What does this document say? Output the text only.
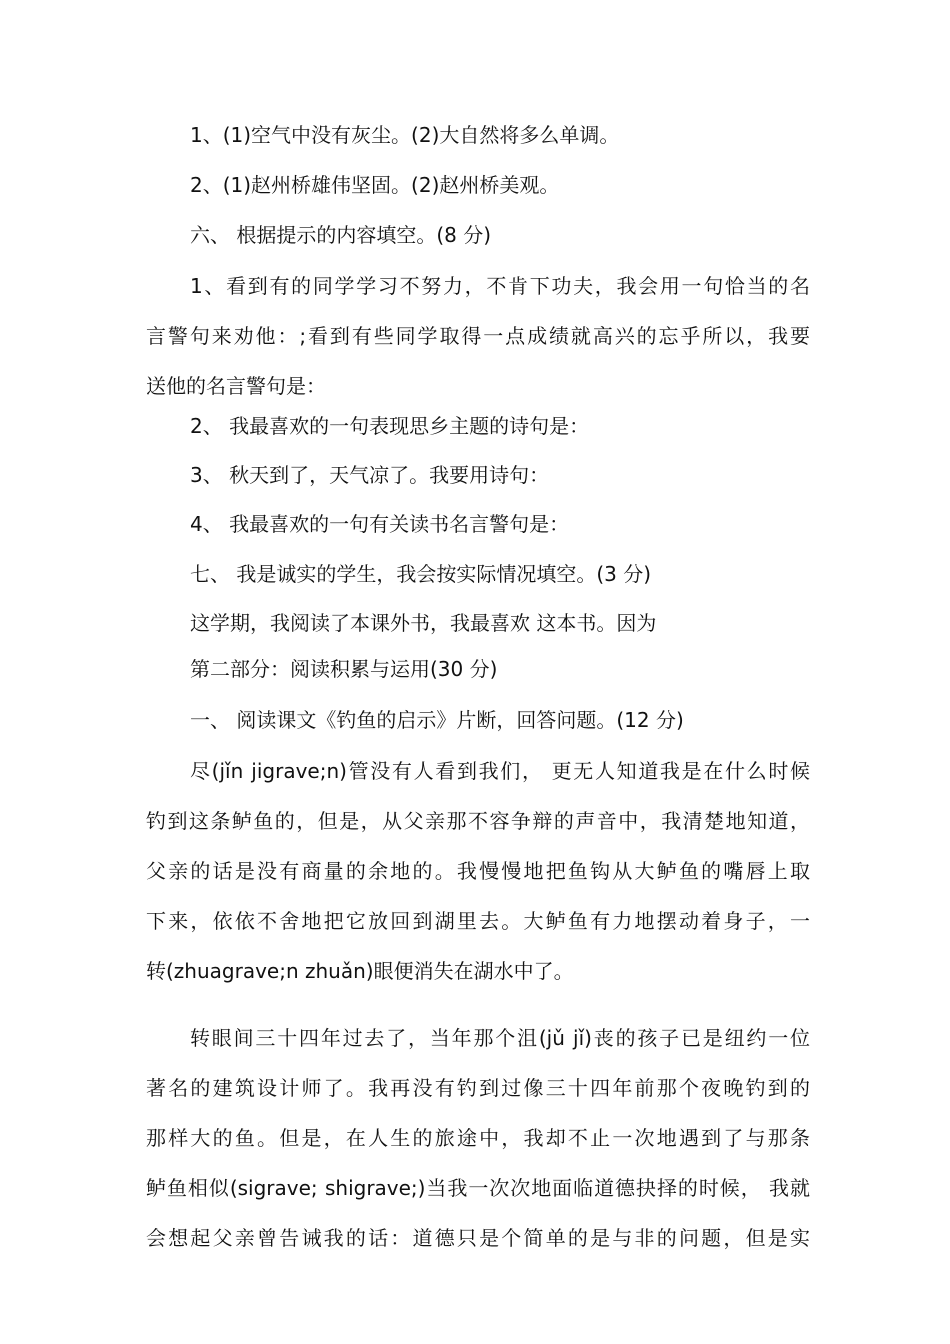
1、(1)空气中没有灰尘。(2)大自然将多么单调。
2、(1)赵州桥雄伟坚固。(2)赵州桥美观。
六、 根据提示的内容填空。(8 分)
1、看到有的同学学习不努力，不肯下功夫，我会用一句恰当的名
言警句来劝他：;看到有些同学取得一点成绩就高兴的忘乎所以，我要
送他的名言警句是：
2、 我最喜欢的一句表现思乡主题的诗句是：
3、 秋天到了，天气凉了。我要用诗句：
4、 我最喜欢的一句有关读书名言警句是：
七、 我是诚实的学生，我会按实际情况填空。(3 分)
这学期，我阅读了本课外书，我最喜欢 这本书。因为
第二部分：阅读积累与运用(30 分)
一、 阅读课文《钓鱼的启示》片断，回答问题。(12 分)
尽(jǐn jigrave;n)管没有人看到我们， 更无人知道我是在什么时候
钓到这条鲈鱼的，但是，从父亲那不容争辩的声音中，我清楚地知道，
父亲的话是没有商量的余地的。我慢慢地把鱼钩从大鲈鱼的嘴唇上取
下来，依依不舍地把它放回到湖里去。大鲈鱼有力地摆动着身子，一
转(zhuagrave;n zhuǎn)眼便消失在湖水中了。
转眼间三十四年过去了，当年那个沮(jǔ jǐ)丧的孩子已是纽约一位
著名的建筑设计师了。我再没有钓到过像三十四年前那个夜晚钓到的
那样大的鱼。但是，在人生的旅途中，我却不止一次地遇到了与那条
鲈鱼相似(sigrave; shigrave;)当我一次次地面临道德抉择的时候， 我就
会想起父亲曾告诫我的话：道德只是个简单的是与非的问题，但是实
